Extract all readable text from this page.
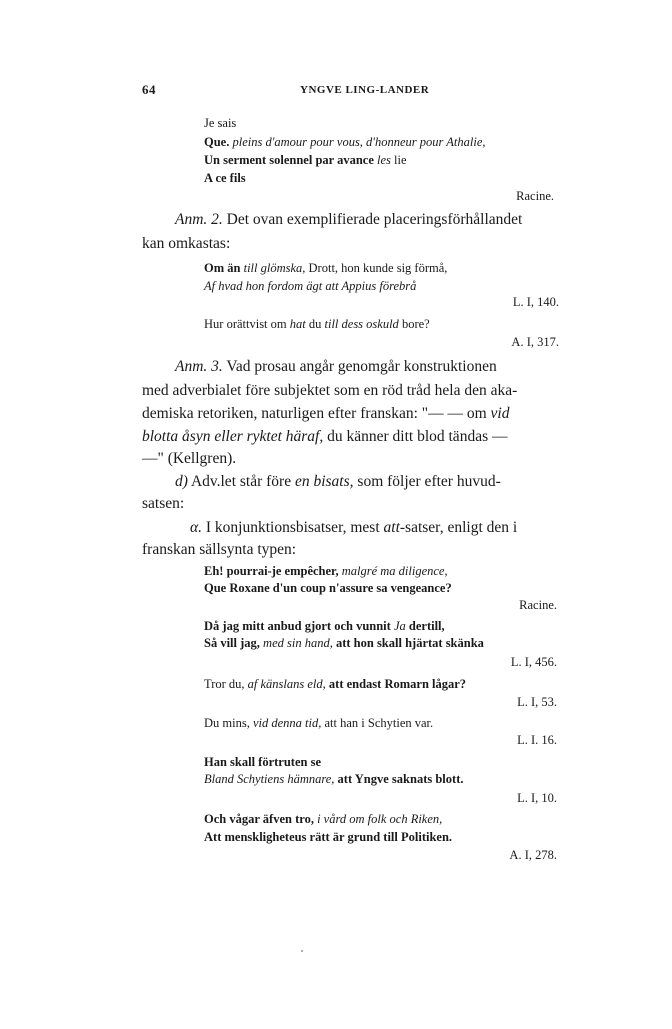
64	YNGVE LING-LANDER
Je sais
Que. pleins d'amour pour vous, d'honneur pour Athalie,
Un serment solennel par avance les lie
A ce fils
Racine.
Anm. 2. Det ovan exemplifierade placeringsförhållandet
kan omkastas:
Om än till glömska, Drott, hon kunde sig förmå,
Af hvad hon fordom ägt att Appius förebrå
L. I, 140.
Hur orättvist om hat du till dess oskuld bore?
A. I, 317.
Anm. 3. Vad prosau angår genomgår konstruktionen
med adverbialet före subjektet som en röd tråd hela den aka-
demiska retoriken, naturligen efter franskan: "— — om vid
blotta åsyn eller ryktet häraf, du känner ditt blod tändas —
—" (Kellgren).
d) Adv.let står före en bisats, som följer efter huvud-
satsen:
α. I konjunktionsbisatser, mest att-satser, enligt den i
franskan sällsynta typen:
Eh! pourrai-je empêcher, malgré ma diligence,
Que Roxane d'un coup n'assure sa vengeance?
Racine.
Då jag mitt anbud gjort och vunnit Ja dertill,
Så vill jag, med sin hand, att hon skall hjärtat skänka
L. I, 456.
Tror du, af känslans eld, att endast Romarn lågar?
L. I, 53.
Du mins, vid denna tid, att han i Schytien var.
L. I. 16.
Han skall förtruten se
Bland Schytiens hämnare, att Yngve saknats blott.
L. I, 10.
Och vågar äfven tro, i vård om folk och Riken,
Att menskligheteus rätt är grund till Politiken.
A. I, 278.
